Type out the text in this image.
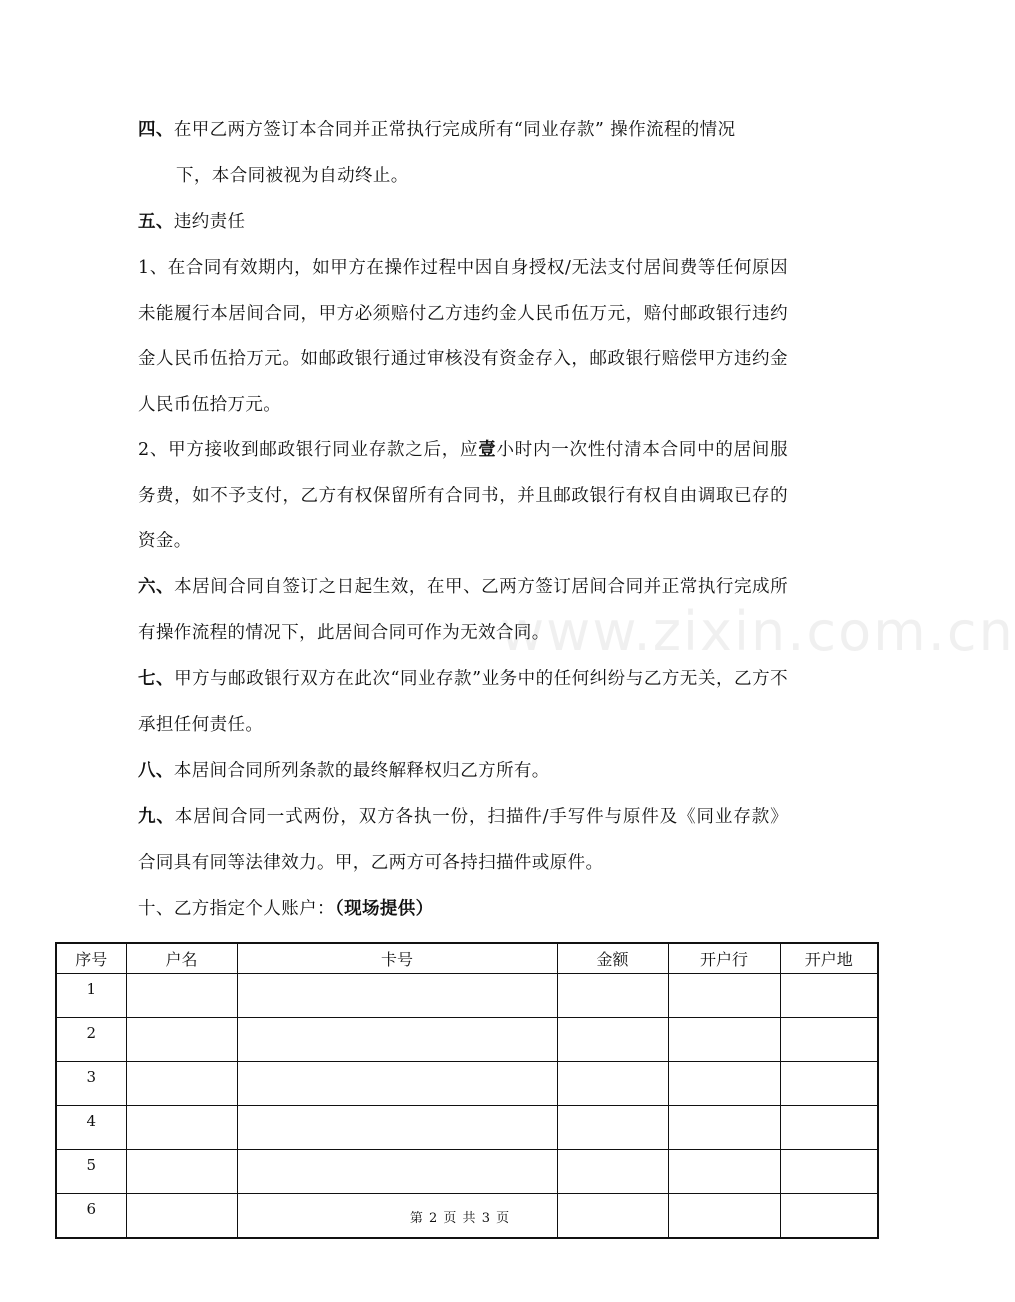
四、在甲乙两方签订本合同并正常执行完成所有“同业存款” 操作流程的情况

下，本合同被视为自动终止。

五、违约责任

1、在合同有效期内，如甲方在操作过程中因自身授权/无法支付居间费等任何原因未能履行本居间合同，甲方必须赔付乙方违约金人民币伍万元，赔付邮政银行违约金人民币伍拾万元。如邮政银行通过审核没有资金存入，邮政银行赔偿甲方违约金人民币伍拾万元。

2、甲方接收到邮政银行同业存款之后，应壹小时内一次性付清本合同中的居间服务费，如不予支付，乙方有权保留所有合同书，并且邮政银行有权自由调取已存的资金。

六、本居间合同自签订之日起生效，在甲、乙两方签订居间合同并正常执行完成所有操作流程的情况下，此居间合同可作为无效合同。

七、甲方与邮政银行双方在此次“同业存款”业务中的任何纠纷与乙方无关，乙方不承担任何责任。

八、本居间合同所列条款的最终解释权归乙方所有。

九、本居间合同一式两份，双方各执一份，扫描件/手写件与原件及《同业存款》合同具有同等法律效力。甲，乙两方可各持扫描件或原件。

十、乙方指定个人账户：（现场提供）

www.zixin.com.cn
序号	户名	卡号	金额	开户行	开户地
1					
2					
3					
4					
5					
6					
第 2 页 共 3 页
